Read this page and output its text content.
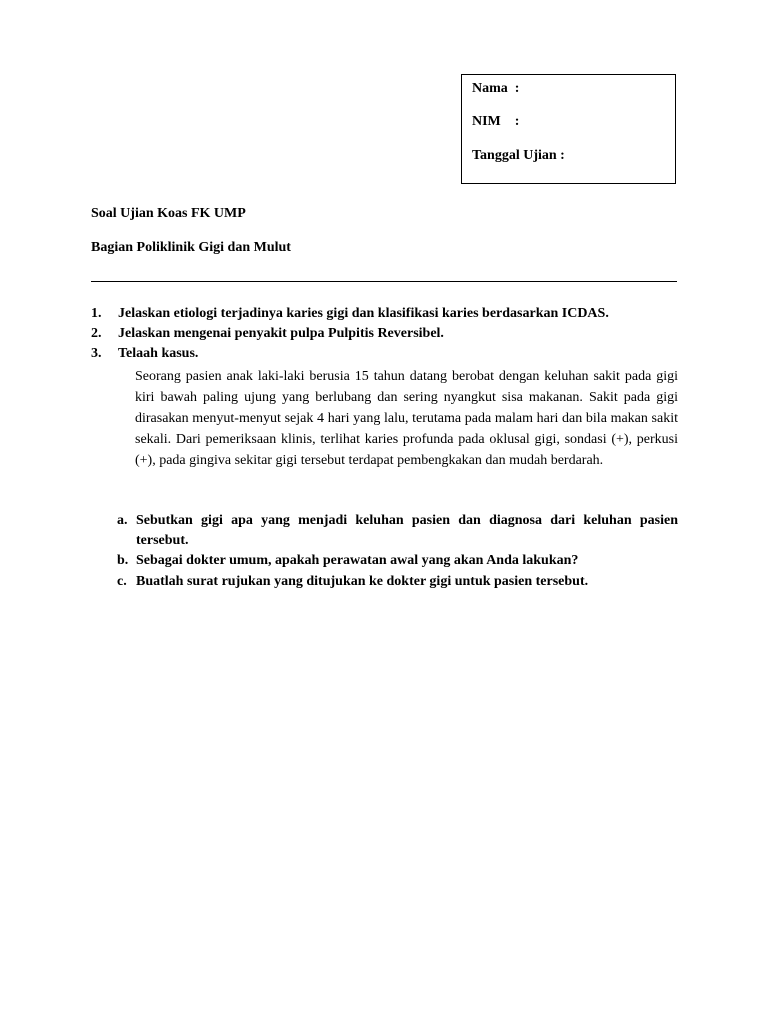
Nama  :
NIM    :
Tanggal Ujian :
Soal Ujian Koas FK UMP
Bagian Poliklinik Gigi dan Mulut
1. Jelaskan etiologi terjadinya karies gigi dan klasifikasi karies berdasarkan ICDAS.
2. Jelaskan mengenai penyakit pulpa Pulpitis Reversibel.
3. Telaah kasus.
Seorang pasien anak laki-laki berusia 15 tahun datang berobat dengan keluhan sakit pada gigi kiri bawah paling ujung yang berlubang dan sering nyangkut sisa makanan. Sakit pada gigi dirasakan menyut-menyut sejak 4 hari yang lalu, terutama pada malam hari dan bila makan sakit sekali. Dari pemeriksaan klinis, terlihat karies profunda pada oklusal gigi, sondasi (+), perkusi (+), pada gingiva sekitar gigi tersebut terdapat pembengkakan dan mudah berdarah.
a. Sebutkan gigi apa yang menjadi keluhan pasien dan diagnosa dari keluhan pasien tersebut.
b. Sebagai dokter umum, apakah perawatan awal yang akan Anda lakukan?
c. Buatlah surat rujukan yang ditujukan ke dokter gigi untuk pasien tersebut.
